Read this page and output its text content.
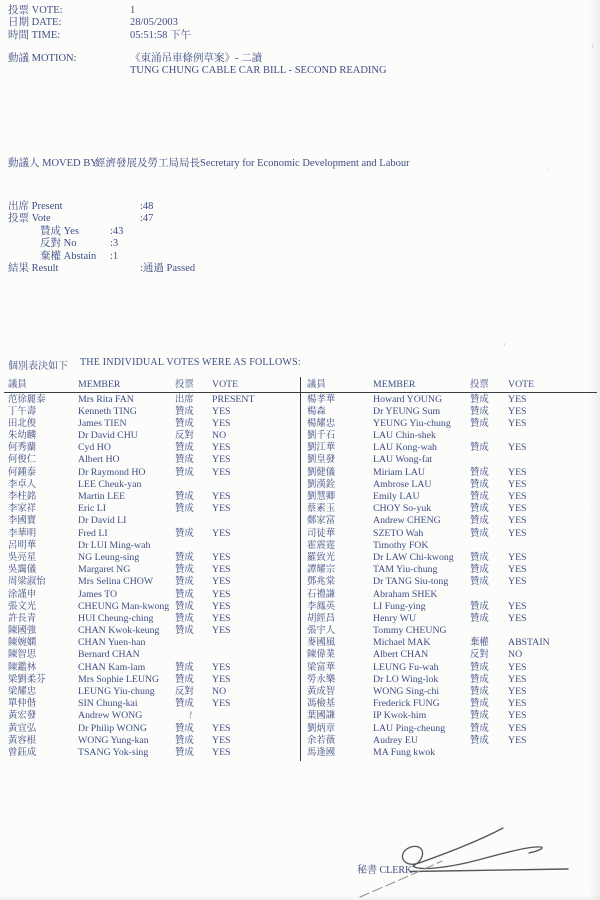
投票 VOTE:	1
日期 DATE:	28/05/2003
時間 TIME:	05:51:58 下午
動議 MOTION:	《東涌吊車條例草案》- 二讀
TUNG CHUNG CABLE CAR BILL - SECOND READING
動議人 MOVED BY:
經濟發展及勞工局局長Secretary for Economic Development and Labour
出席 Present	:48
投票 Vote	:47
贊成 Yes	:43
反對 No	:3
棄權 Abstain	:1
結果 Result	:通過 Passed
個別表決如下 THE INDIVIDUAL VOTES WERE AS FOLLOWS:
議員	MEMBER	投票	VOTE
范徐麗泰	Mrs Rita FAN	出席	PRESENT
丁午壽	Kenneth TING	贊成	YES
田北俊	James TIEN	贊成	YES
朱幼麟	Dr David CHU	反對	NO
何秀蘭	Cyd HO	贊成	YES
何俊仁	Albert HO	贊成	YES
何鍾泰	Dr Raymond HO	贊成	YES
李卓人	LEE Cheuk-yan
李柱銘	Martin LEE	贊成	YES
李家祥	Eric LI	贊成	YES
李國寶	Dr David LI
李華明	Fred LI	贊成	YES
呂明華	Dr LUI Ming-wah
吳亮星	NG Leung-sing	贊成	YES
吳靄儀	Margaret NG	贊成	YES
周梁淑怡	Mrs Selina CHOW	贊成	YES
涂謹申	James TO	贊成	YES
張文光	CHEUNG Man-kwong 贊成	YES
許長青	HUI Cheung-ching	贊成	YES
陳國強	CHAN Kwok-keung	贊成	YES
陳婉嫻	CHAN Yuen-han
陳智思	Bernard CHAN
陳鑑林	CHAN Kam-lam	贊成	YES
梁劉柔芬	Mrs Sophie LEUNG	贊成	YES
梁耀忠	LEUNG Yiu-chung	反對	NO
單仲偕	SIN Chung-kai	贊成	YES
黃宏發	Andrew WONG	!
黃宜弘	Dr Philip WONG	贊成	YES
黃容根	WONG Yung-kan	贊成	YES
曾鈺成	TSANG Yok-sing	贊成	YES
議員	MEMBER	投票	VOTE
楊孝華	Howard YOUNG	贊成	YES
楊森	Dr YEUNG Sum	贊成	YES
楊耀忠	YEUNG Yiu-chung	贊成	YES
劉千石	LAU Chin-shek
劉江華	LAU Kong-wah	贊成	YES
劉皇發	LAU Wong-fat
劉健儀	Miriam LAU	贊成	YES
劉漢銓	Ambrose LAU	贊成	YES
劉慧卿	Emily LAU	贊成	YES
蔡素玉	CHOY So-yuk	贊成	YES
鄭家富	Andrew CHENG	贊成	YES
司徒華	SZETO Wah	贊成	YES
霍震霆	Timothy FOK
羅致光	Dr LAW Chi-kwong	贊成	YES
譚耀宗	TAM Yiu-chung	贊成	YES
鄧兆棠	Dr TANG Siu-tong	贊成	YES
石禮謙	Abraham SHEK
李鳳英	LI Fung-ying	贊成	YES
胡經昌	Henry WU	贊成	YES
張宇人	Tommy CHEUNG
麥國風	Michael MAK	棄權	ABSTAIN
陳偉業	Albert CHAN	反對	NO
梁富華	LEUNG Fu-wah	贊成	YES
勞永樂	Dr LO Wing-lok	贊成	YES
黃成智	WONG Sing-chi	贊成	YES
馮檢基	Frederick FUNG	贊成	YES
葉國謙	IP Kwok-him	贊成	YES
劉炳章	LAU Ping-cheung	贊成	YES
余若薇	Audrey EU	贊成	YES
馬逢國	MA Fung kwok
秘書 CLERK
'
'
'
